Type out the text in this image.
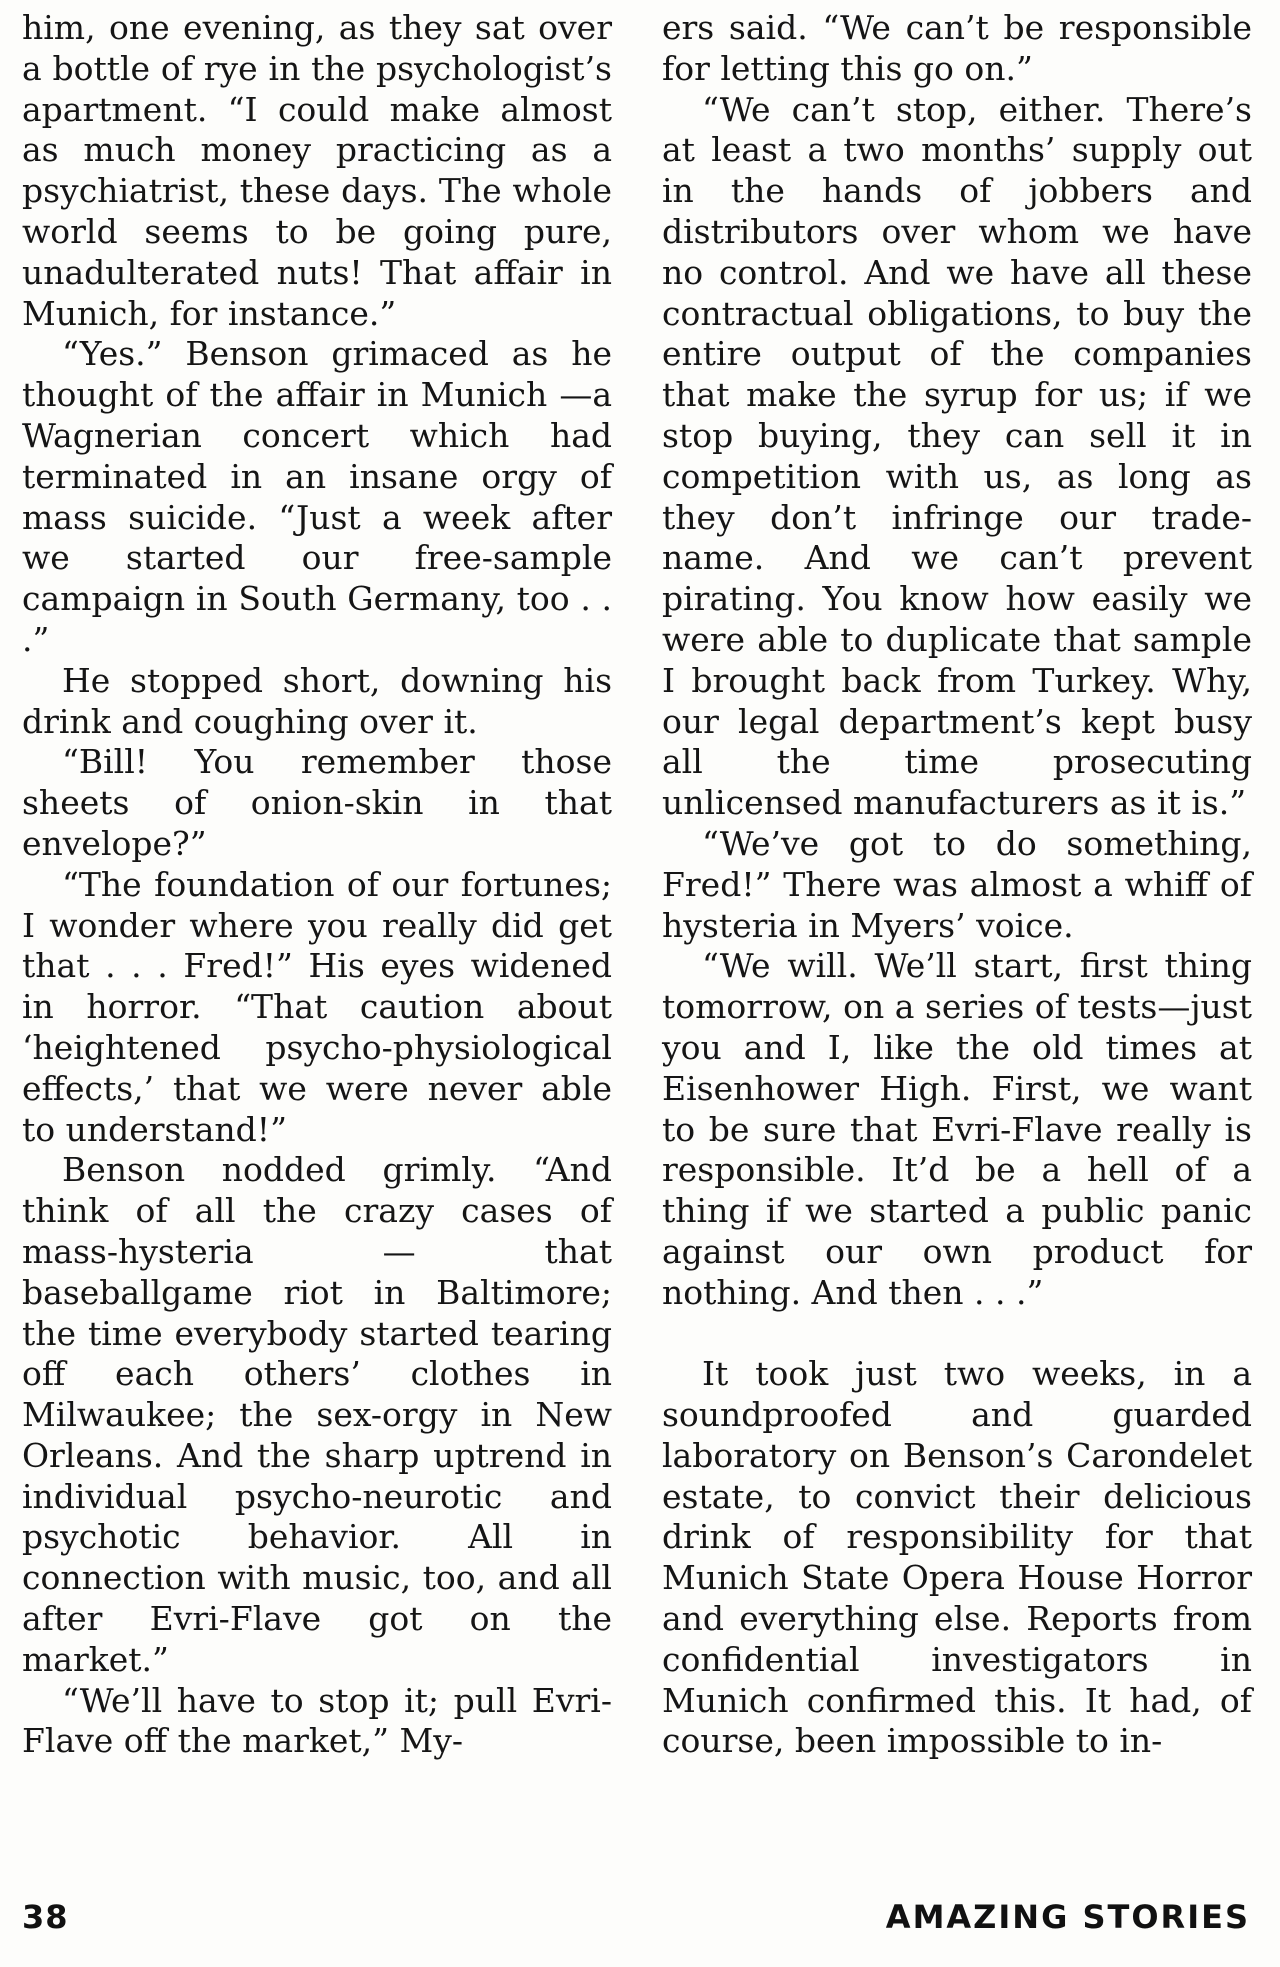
him, one evening, as they sat over a bottle of rye in the psychologist’s apartment. “I could make almost as much money practicing as a psychiatrist, these days. The whole world seems to be going pure, unadulterated nuts! That affair in Munich, for instance.”

“Yes.” Benson grimaced as he thought of the affair in Munich —a Wagnerian concert which had terminated in an insane orgy of mass suicide. “Just a week after we started our free-sample campaign in South Germany, too . . .”

He stopped short, downing his drink and coughing over it.

“Bill! You remember those sheets of onion-skin in that envelope?”

“The foundation of our fortunes; I wonder where you really did get that . . . Fred!” His eyes widened in horror. “That caution about ‘heightened psycho-physiological effects,’ that we were never able to understand!”

Benson nodded grimly. “And think of all the crazy cases of mass-hysteria — that baseballgame riot in Baltimore; the time everybody started tearing off each others’ clothes in Milwaukee; the sex-orgy in New Orleans. And the sharp uptrend in individual psycho-neurotic and psychotic behavior. All in connection with music, too, and all after Evri-Flave got on the market.”

“We’ll have to stop it; pull Evri-Flave off the market,” My-

ers said. “We can’t be responsible for letting this go on.”

“We can’t stop, either. There’s at least a two months’ supply out in the hands of jobbers and distributors over whom we have no control. And we have all these contractual obligations, to buy the entire output of the companies that make the syrup for us; if we stop buying, they can sell it in competition with us, as long as they don’t infringe our trade-name. And we can’t prevent pirating. You know how easily we were able to duplicate that sample I brought back from Turkey. Why, our legal department’s kept busy all the time prosecuting unlicensed manufacturers as it is.”

“We’ve got to do something, Fred!” There was almost a whiff of hysteria in Myers’ voice.

“We will. We’ll start, first thing tomorrow, on a series of tests—just you and I, like the old times at Eisenhower High. First, we want to be sure that Evri-Flave really is responsible. It’d be a hell of a thing if we started a public panic against our own product for nothing. And then . . .”

It took just two weeks, in a soundproofed and guarded laboratory on Benson’s Carondelet estate, to convict their delicious drink of responsibility for that Munich State Opera House Horror and everything else. Reports from confidential investigators in Munich confirmed this. It had, of course, been impossible to in-

38	AMAZING STORIES
